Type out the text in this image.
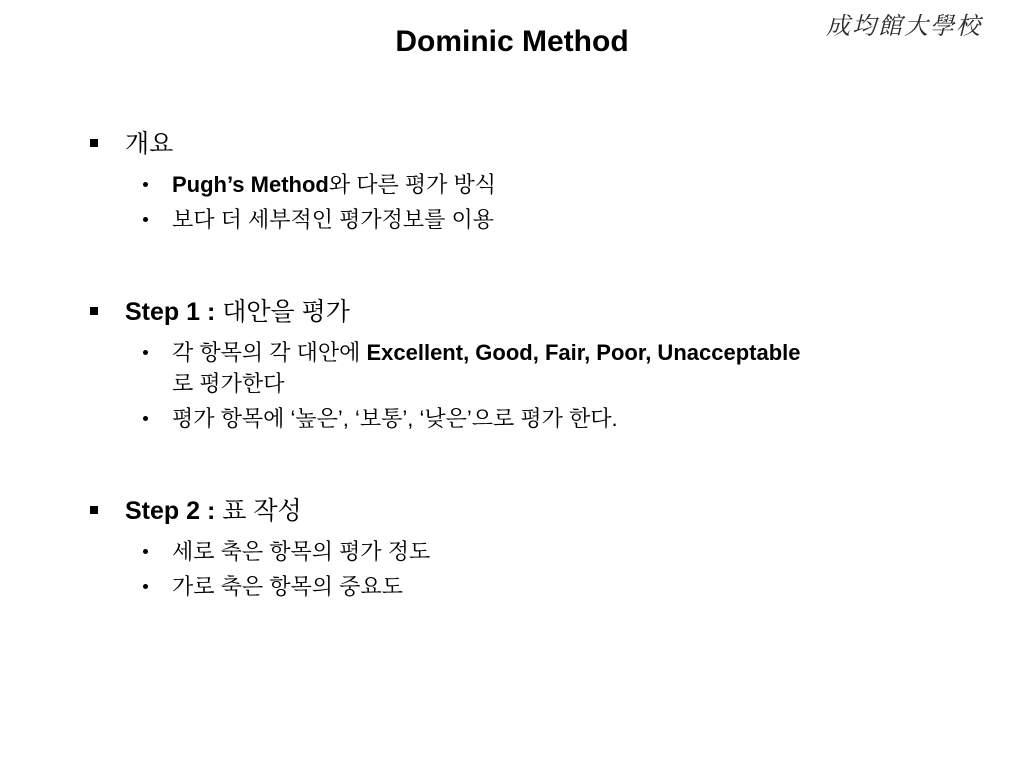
Dominic Method	成均館大學校
개요
Pugh’s Method와 다른 평가 방식
보다 더 세부적인 평가정보를 이용
Step 1 : 대안을 평가
각 항목의 각 대안에 Excellent, Good, Fair, Poor, Unacceptable로 평가한다
평가 항목에 ‘높은’, ‘보통’, ‘낮은’으로 평가 한다.
Step 2 : 표 작성
세로 축은 항목의 평가 정도
가로 축은 항목의 중요도
